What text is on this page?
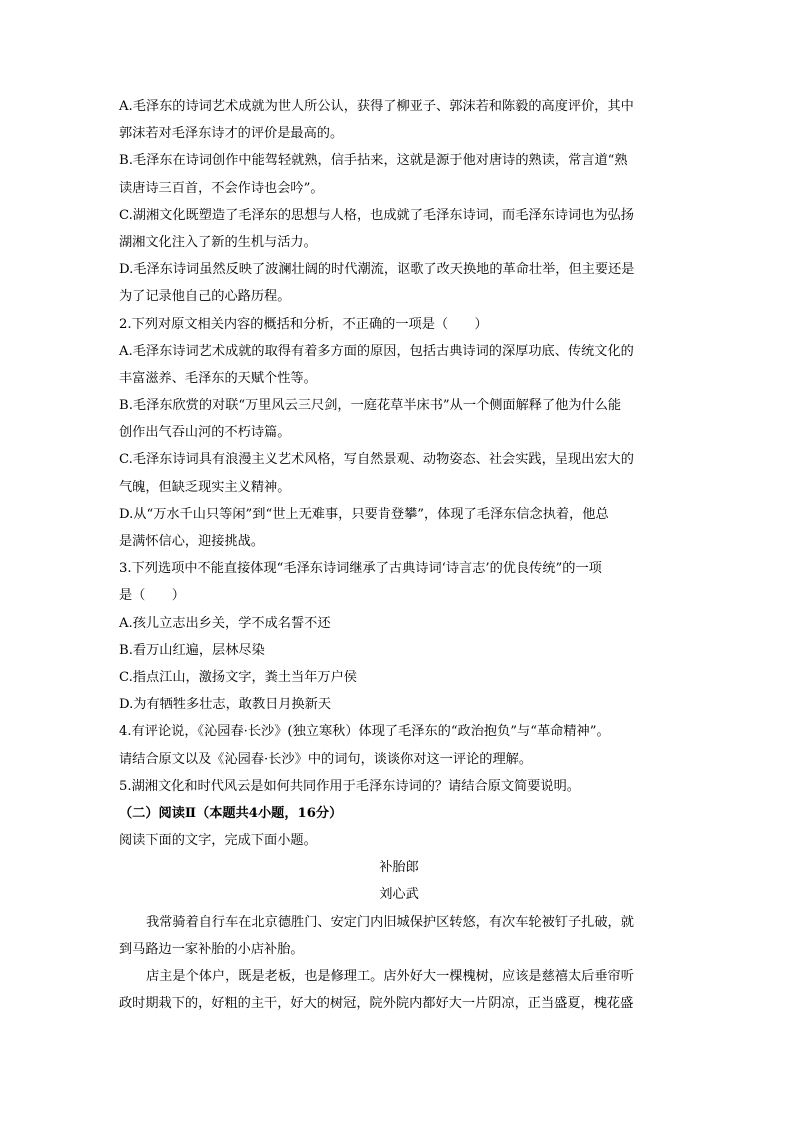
A.毛泽东的诗词艺术成就为世人所公认，获得了柳亚子、郭沫若和陈毅的高度评价，其中
郭沫若对毛泽东诗才的评价是最高的。
B.毛泽东在诗词创作中能驾轻就熟，信手拈来，这就是源于他对唐诗的熟读，常言道“熟
读唐诗三百首，不会作诗也会吟”。
C.湖湘文化既塑造了毛泽东的思想与人格，也成就了毛泽东诗词，而毛泽东诗词也为弘扬
湖湘文化注入了新的生机与活力。
D.毛泽东诗词虽然反映了波澜壮阔的时代潮流，讴歌了改天换地的革命壮举，但主要还是
为了记录他自己的心路历程。
2.下列对原文相关内容的概括和分析，不正确的一项是（　　）
A.毛泽东诗词艺术成就的取得有着多方面的原因，包括古典诗词的深厚功底、传统文化的
丰富滋养、毛泽东的天赋个性等。
B.毛泽东欣赏的对联“万里风云三尺剑，一庭花草半床书”从一个侧面解释了他为什么能
创作出气吞山河的不朽诗篇。
C.毛泽东诗词具有浪漫主义艺术风格，写自然景观、动物姿态、社会实践，呈现出宏大的
气魄，但缺乏现实主义精神。
D.从“万水千山只等闲”到“世上无难事，只要肯登攀”，体现了毛泽东信念执着，他总
是满怀信心，迎接挑战。
3.下列选项中不能直接体现“毛泽东诗词继承了古典诗词‘诗言志’的优良传统”的一项
是（　　）
A.孩儿立志出乡关，学不成名誓不还
B.看万山红遍，层林尽染
C.指点江山，激扬文字，粪土当年万户侯
D.为有牺牲多壮志，敢教日月换新天
4.有评论说，《沁园春·长沙》(独立寒秋）体现了毛泽东的“政治抱负”与“革命精神”。
请结合原文以及《沁园春·长沙》中的词句，谈谈你对这一评论的理解。
5.湖湘文化和时代风云是如何共同作用于毛泽东诗词的？请结合原文简要说明。
（二）阅读Ⅱ（本题共4小题，16分）
阅读下面的文字，完成下面小题。
补胎郎
刘心武
我常骑着自行车在北京德胜门、安定门内旧城保护区转悠，有次车轮被钉子扎破，就
到马路边一家补胎的小店补胎。
店主是个体户，既是老板，也是修理工。店外好大一棵槐树，应该是慈禧太后垂帘听
政时期栽下的，好粗的主干，好大的树冠，院外院内都好大一片阴凉，正当盛夏，槐花盛
